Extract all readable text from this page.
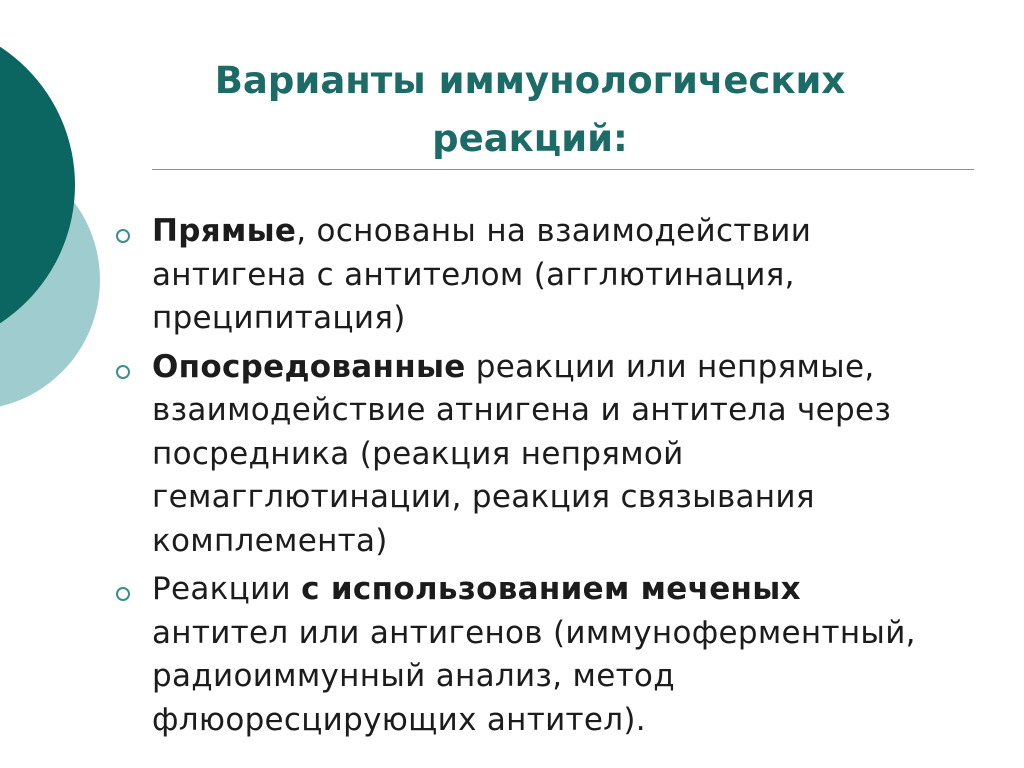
Варианты иммунологических
реакций:
Прямые, основаны на взаимодействии
антигена с антителом (агглютинация,
преципитация)
Опосредованные реакции или непрямые,
взаимодействие атнигена и антитела через
посредника (реакция непрямой
гемагглютинации, реакция связывания
комплемента)
Реакции с использованием меченых
антител или антигенов (иммуноферментный,
радиоиммунный анализ, метод
флюоресцирующих антител).
